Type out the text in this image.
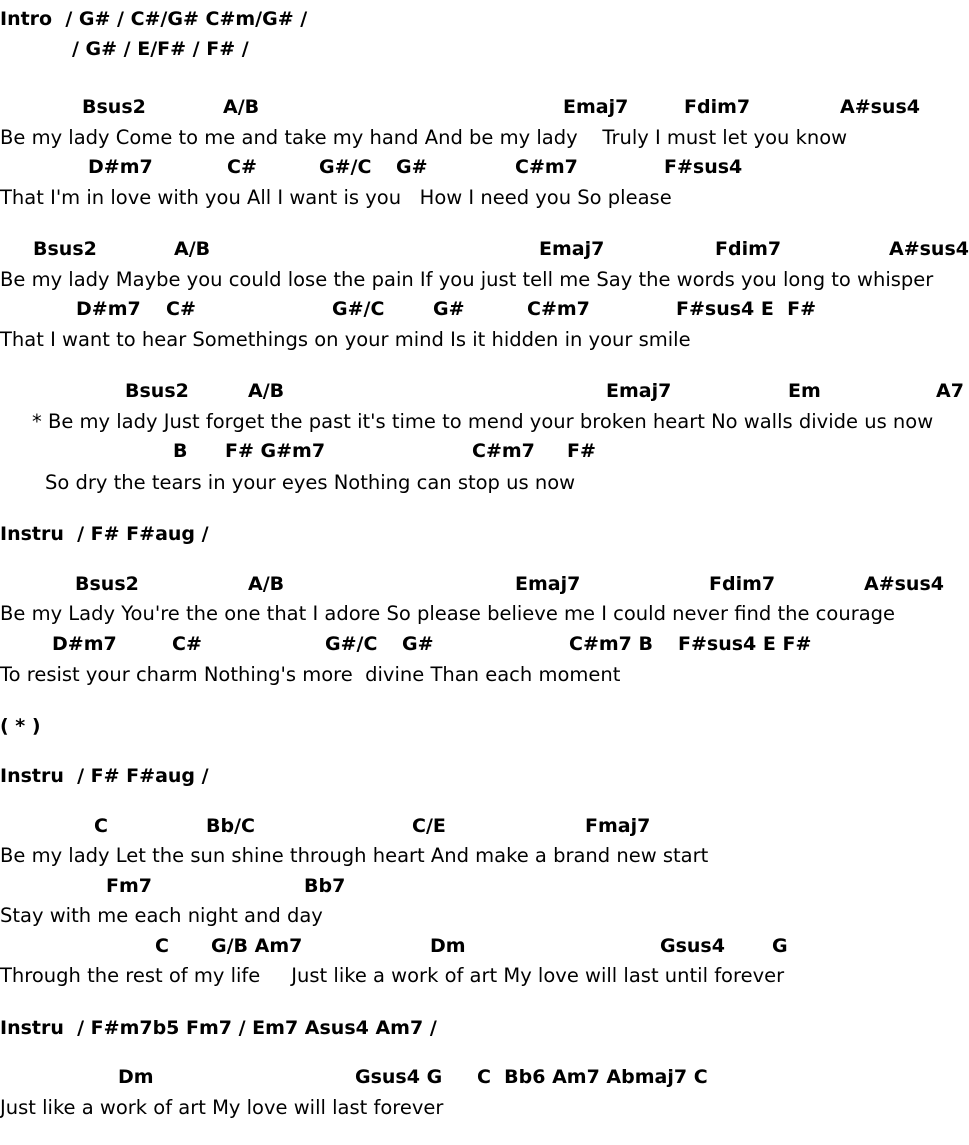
Intro  / G# / C#/G# C#m/G# /
/ G# / E/F# / F# /

Bsus2

	A/B

	Emaj7

	Fdim7

	A#sus4

Be my lady Come to me and take my hand And be my lady    Truly I must let you know

D#m7

	C#

	G#/C

G#

	C#m7

	F#sus4

That I'm in love with you All I want is you   How I need you So please

Bsus2

	A/B

	Emaj7

	Fdim7

	A#sus4

Be my lady Maybe you could lose the pain If you just tell me Say the words you long to whisper

D#m7

C#

	G#/C

	G#

	C#m7

	F#sus4 E  F#

That I want to hear Somethings on your mind Is it hidden in your smile

Bsus2

	A/B

	Emaj7

	Em

	A7

* Be my lady Just forget the past it's time to mend your broken heart No walls divide us now

B

F# G#m7

	C#m7

F#

So dry the tears in your eyes Nothing can stop us now
Instru  / F# F#aug /

Bsus2

	A/B

	Emaj7

	Fdim7

	A#sus4

Be my Lady You're the one that I adore So please believe me I could never find the courage

D#m7

	C#

	G#/C

G#

	C#m7 B

F#sus4 E F#

To resist your charm Nothing's more  divine Than each moment
( * )
Instru  / F# F#aug /

C

	Bb/C

	C/E

	Fmaj7

Be my lady Let the sun shine through heart And make a brand new start

Fm7

	Bb7

Stay with me each night and day

C

G/B Am7

	Dm

	Gsus4

G

Through the rest of my life     Just like a work of art My love will last until forever
Instru  / F#m7b5 Fm7 / Em7 Asus4 Am7 /

Dm

	Gsus4 G

C  Bb6 Am7 Abmaj7 C

Just like a work of art My love will last forever
